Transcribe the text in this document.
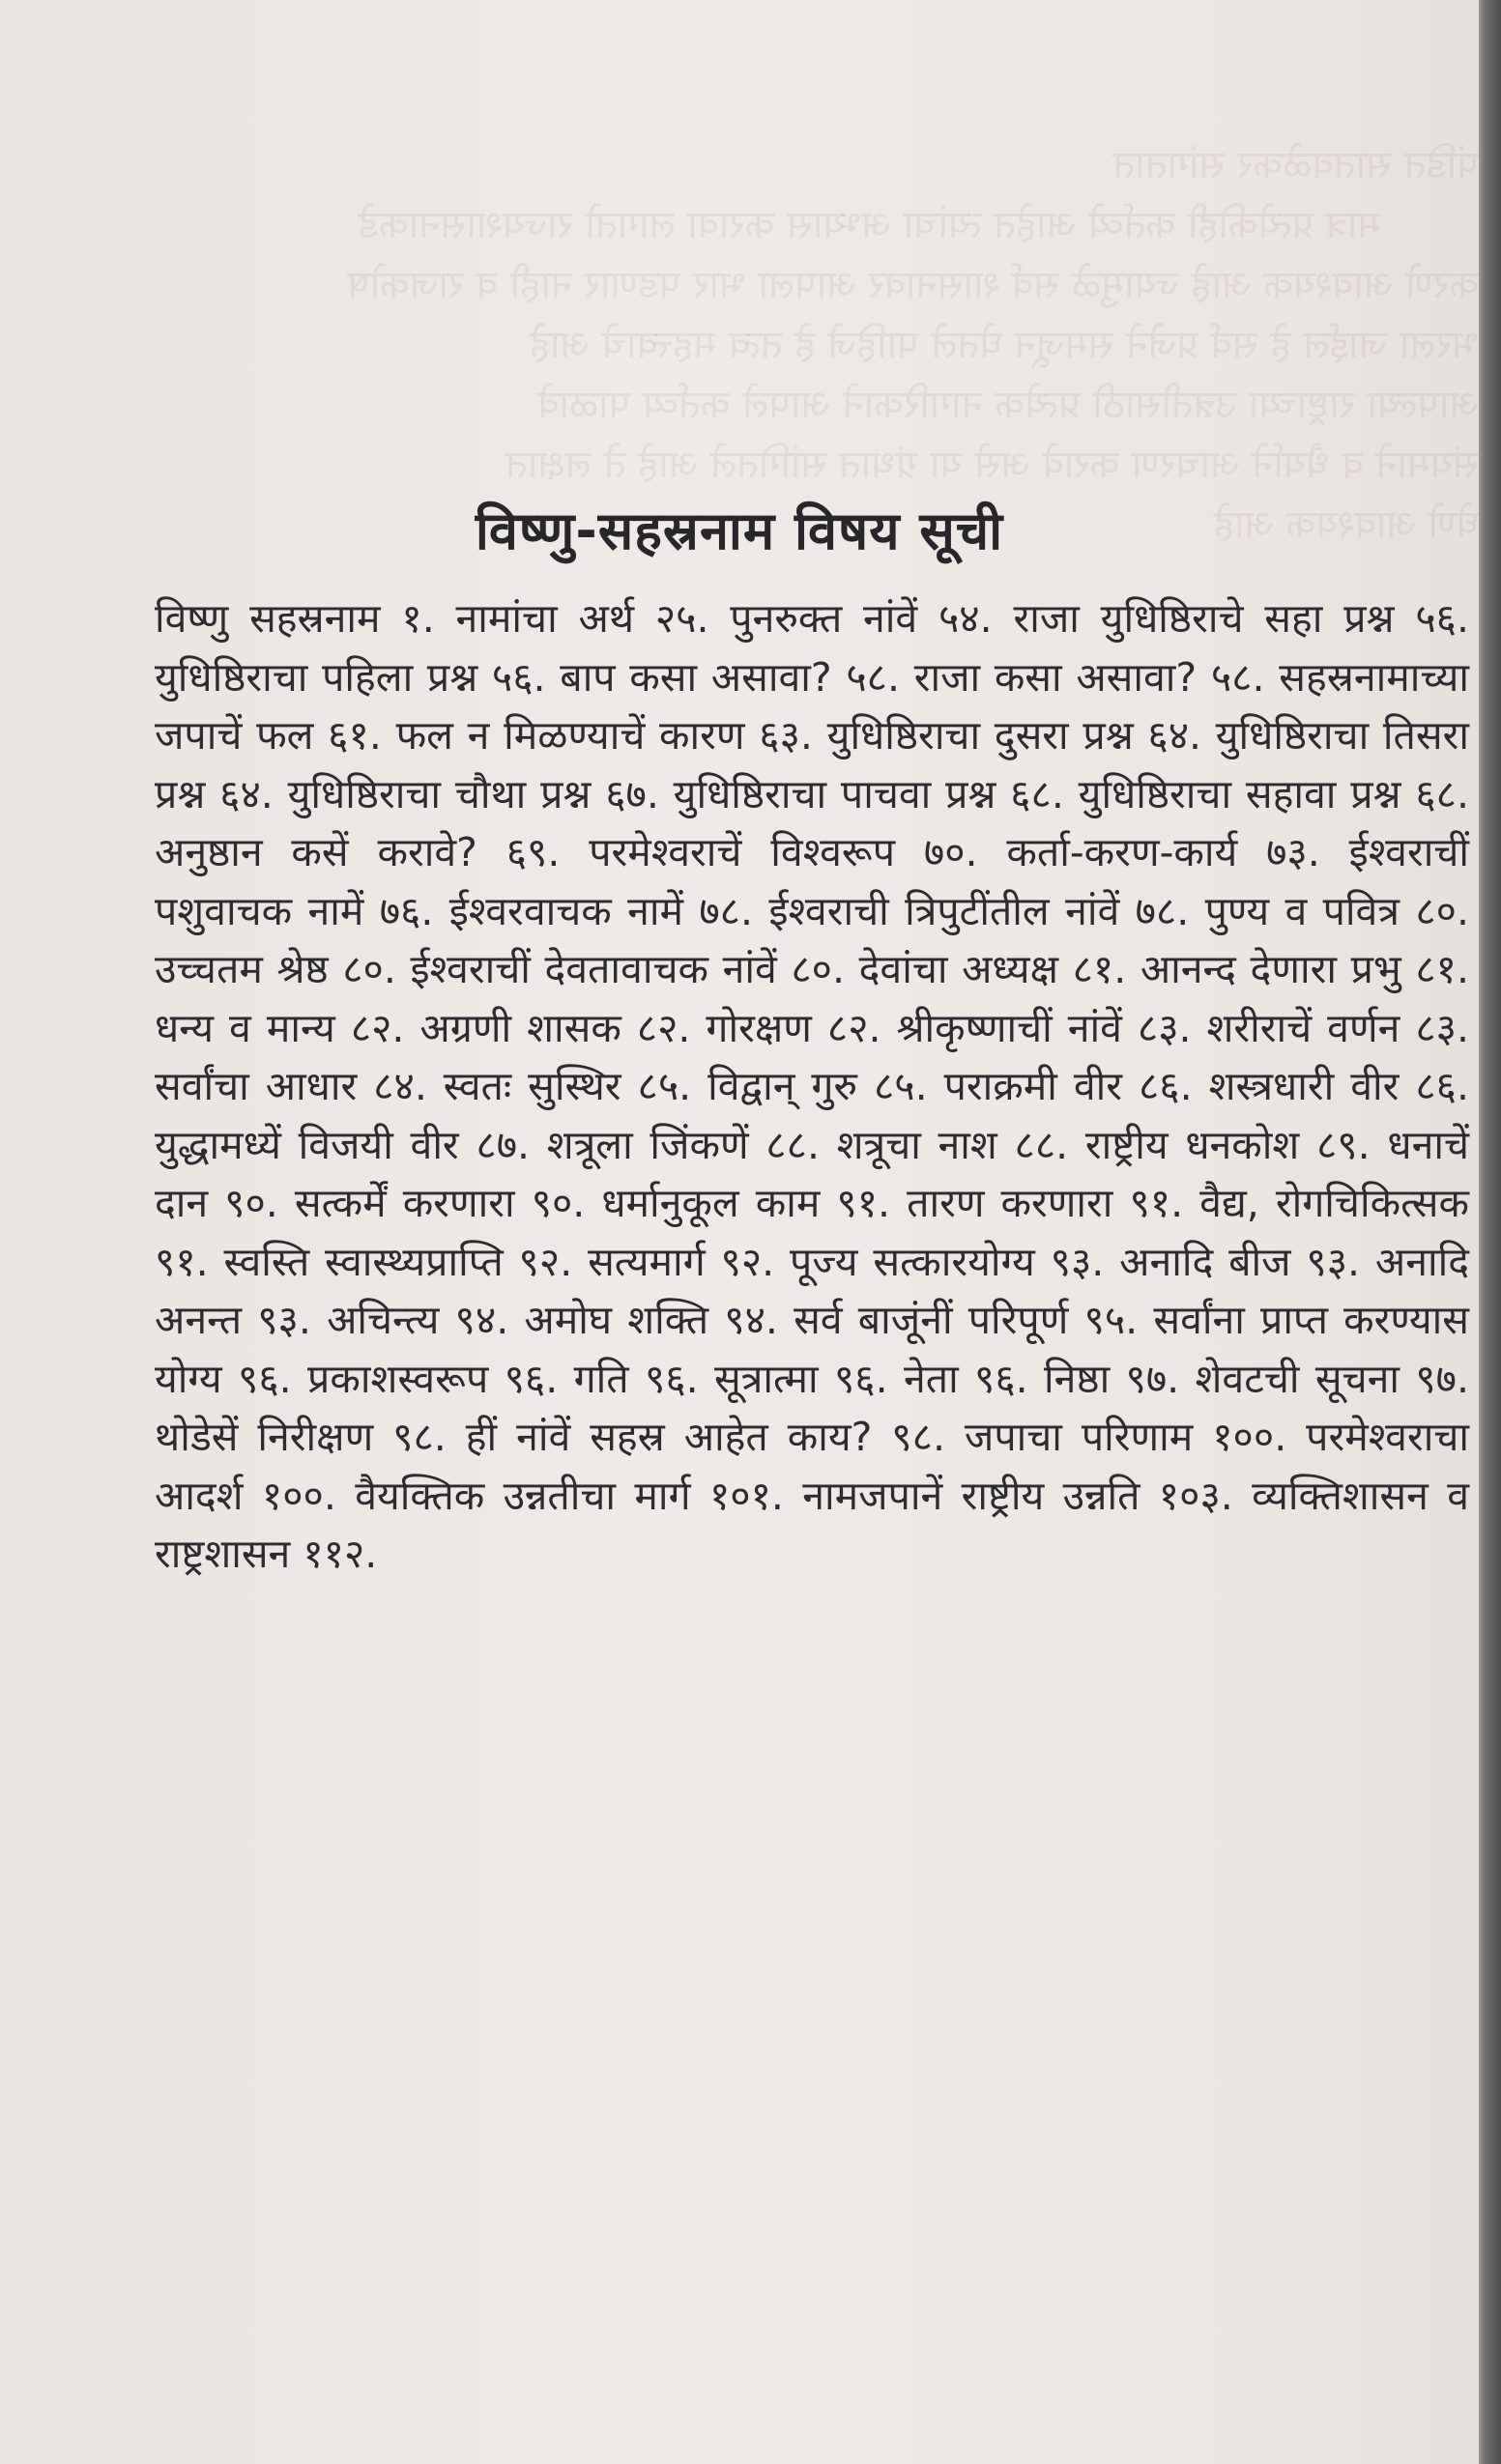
पंडित सातवळेकर सांगतात
मात्र प्रत्येकीही कर्तव्ये आहेत त्यांचा अभ्यास करावा लागतो राज्यशासनाकडे
करणे आवश्यक आहे ज्यामुळे सर्व शासनावर आपला भार पडणार नाही व राजकोष
भरला जाईल हे सर्व प्रजेने समजून घेतले पाहिजे हे तत्व महत्त्वाचे आहे
आपल्या राष्ट्राच्या उन्नतीसाठी प्रत्येक नागरिकाने आपले कर्तव्य पाळावे
संयमाने व धैर्याने आचरण करावे असे या ग्रंथात सांगितले आहे ते लक्षात
घेणे आवश्यक आहे
विष्णु-सहस्रनाम विषय सूची
विष्णु सहस्रनाम १. नामांचा अर्थ २५. पुनरुक्त नांवें ५४. राजा युधिष्ठिराचे सहा प्रश्न ५६. युधिष्ठिराचा पहिला प्रश्न ५६. बाप कसा असावा? ५८. राजा कसा असावा? ५८. सहस्रनामाच्या जपाचें फल ६१. फल न मिळण्याचें कारण ६३. युधिष्ठिराचा दुसरा प्रश्न ६४. युधिष्ठिराचा तिसरा प्रश्न ६४. युधिष्ठिराचा चौथा प्रश्न ६७. युधिष्ठिराचा पाचवा प्रश्न ६८. युधिष्ठिराचा सहावा प्रश्न ६८. अनुष्ठान कसें करावे? ६९. परमेश्वराचें विश्वरूप ७०. कर्ता-करण-कार्य ७३. ईश्वराचीं पशुवाचक नामें ७६. ईश्वरवाचक नामें ७८. ईश्वराची त्रिपुटींतील नांवें ७८. पुण्य व पवित्र ८०. उच्चतम श्रेष्ठ ८०. ईश्वराचीं देवतावाचक नांवें ८०. देवांचा अध्यक्ष ८१. आनन्द देणारा प्रभु ८१. धन्य व मान्य ८२. अग्रणी शासक ८२. गोरक्षण ८२. श्रीकृष्णाचीं नांवें ८३. शरीराचें वर्णन ८३. सर्वांचा आधार ८४. स्वतः सुस्थिर ८५. विद्वान् गुरु ८५. पराक्रमी वीर ८६. शस्त्रधारी वीर ८६. युद्धामध्यें विजयी वीर ८७. शत्रूला जिंकणें ८८. शत्रूचा नाश ८८. राष्ट्रीय धनकोश ८९. धनाचें दान ९०. सत्कर्में करणारा ९०. धर्मानुकूल काम ९१. तारण करणारा ९१. वैद्य, रोगचिकित्सक ९१. स्वस्ति स्वास्थ्यप्राप्ति ९२. सत्यमार्ग ९२. पूज्य सत्कारयोग्य ९३. अनादि बीज ९३. अनादि अनन्त ९३. अचिन्त्य ९४. अमोघ शक्ति ९४. सर्व बाजूंनीं परिपूर्ण ९५. सर्वांना प्राप्त करण्यास योग्य ९६. प्रकाशस्वरूप ९६. गति ९६. सूत्रात्मा ९६. नेता ९६. निष्ठा ९७. शेवटची सूचना ९७. थोडेसें निरीक्षण ९८. हीं नांवें सहस्र आहेत काय? ९८. जपाचा परिणाम १००. परमेश्वराचा आदर्श १००. वैयक्तिक उन्नतीचा मार्ग १०१. नामजपानें राष्ट्रीय उन्नति १०३. व्यक्तिशासन व राष्ट्रशासन ११२.
